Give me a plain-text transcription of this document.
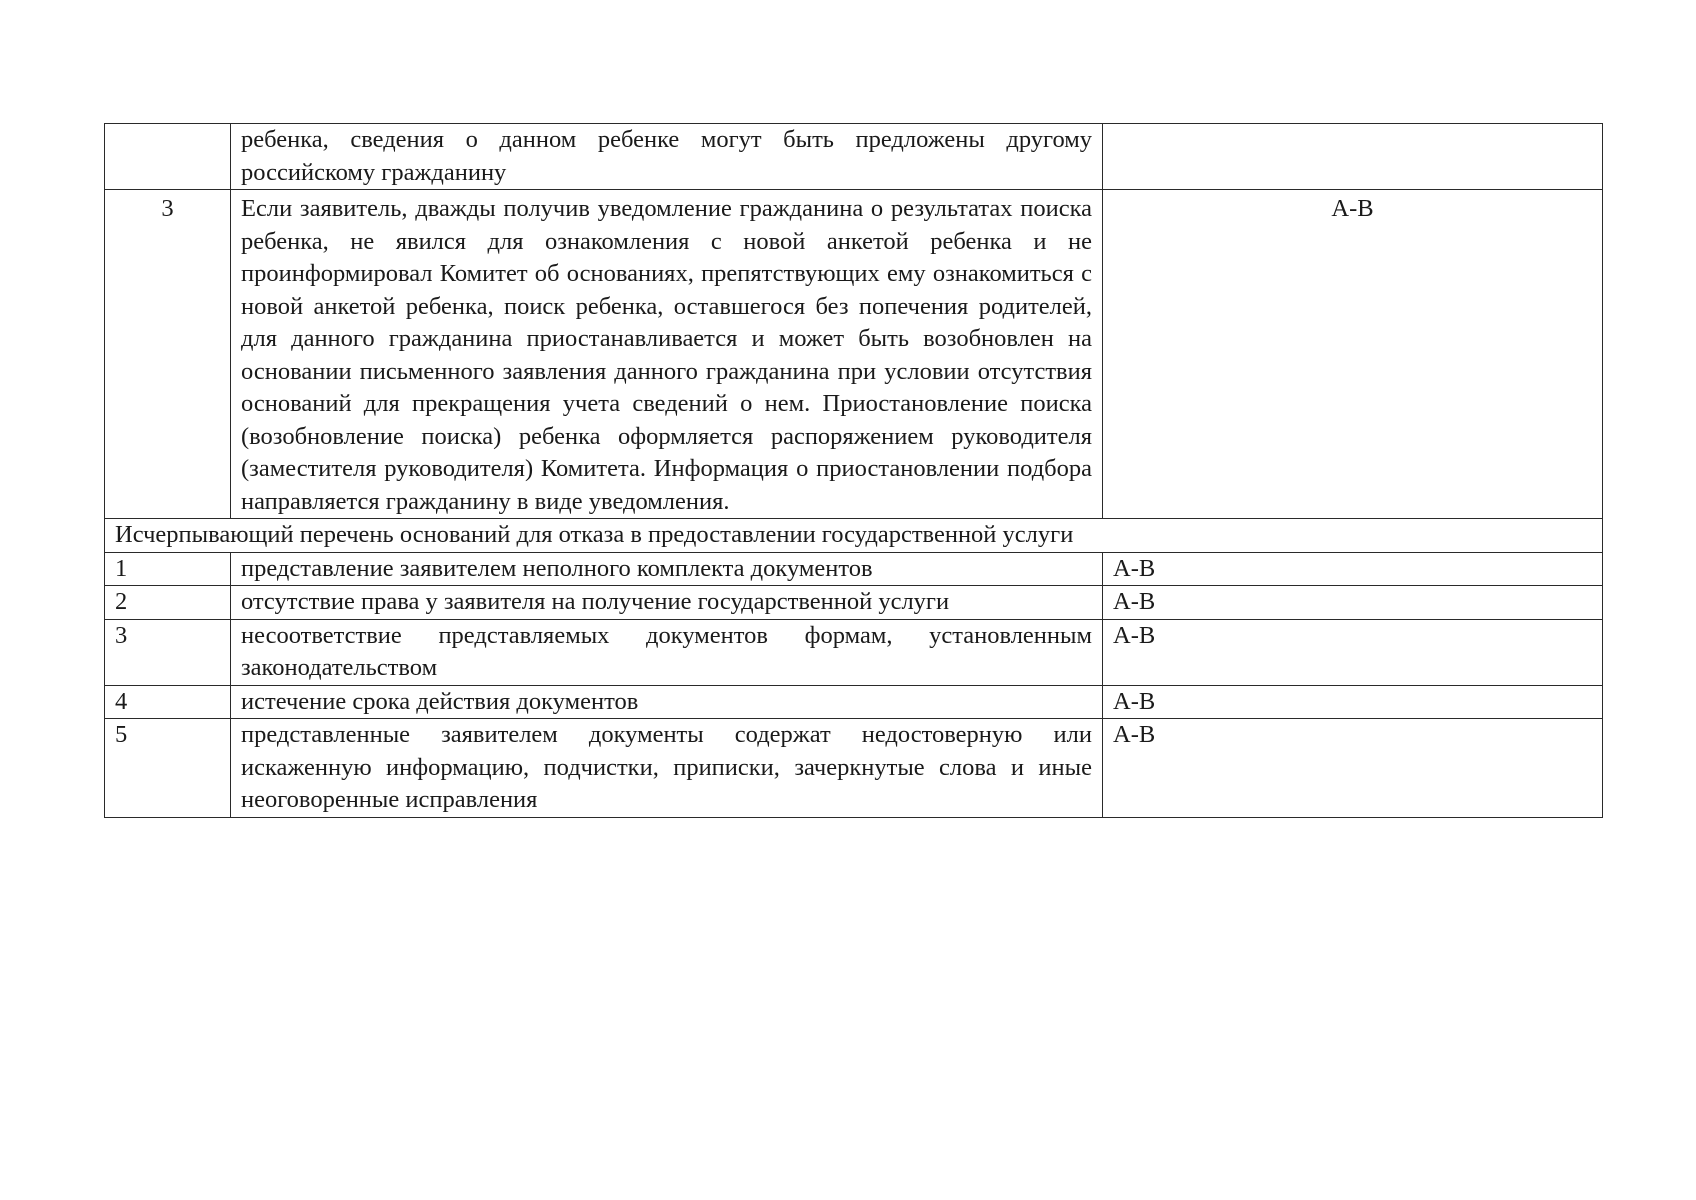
	ребенка, сведения о данном ребенке могут быть предложены другому российскому гражданину	
3	Если заявитель, дважды получив уведомление гражданина о результатах поиска ребенка, не явился для ознакомления с новой анкетой ребенка и не проинформировал Комитет об основаниях, препятствующих ему ознакомиться с новой анкетой ребенка, поиск ребенка, оставшегося без попечения родителей, для данного гражданина приостанавливается и может быть возобновлен на основании письменного заявления данного гражданина при условии отсутствия оснований для прекращения учета сведений о нем. Приостановление поиска (возобновление поиска) ребенка оформляется распоряжением руководителя (заместителя руководителя) Комитета. Информация о приостановлении подбора направляется гражданину в виде уведомления.	А-В
Исчерпывающий перечень оснований для отказа в предоставлении государственной услуги		
1	представление заявителем неполного комплекта документов	А-В
2	отсутствие права у заявителя на получение государственной услуги	А-В
3	несоответствие представляемых документов формам, установленным законодательством	А-В
4	истечение срока действия документов	А-В
5	представленные заявителем документы содержат недостоверную или искаженную информацию, подчистки, приписки, зачеркнутые слова и иные неоговоренные исправления	А-В
